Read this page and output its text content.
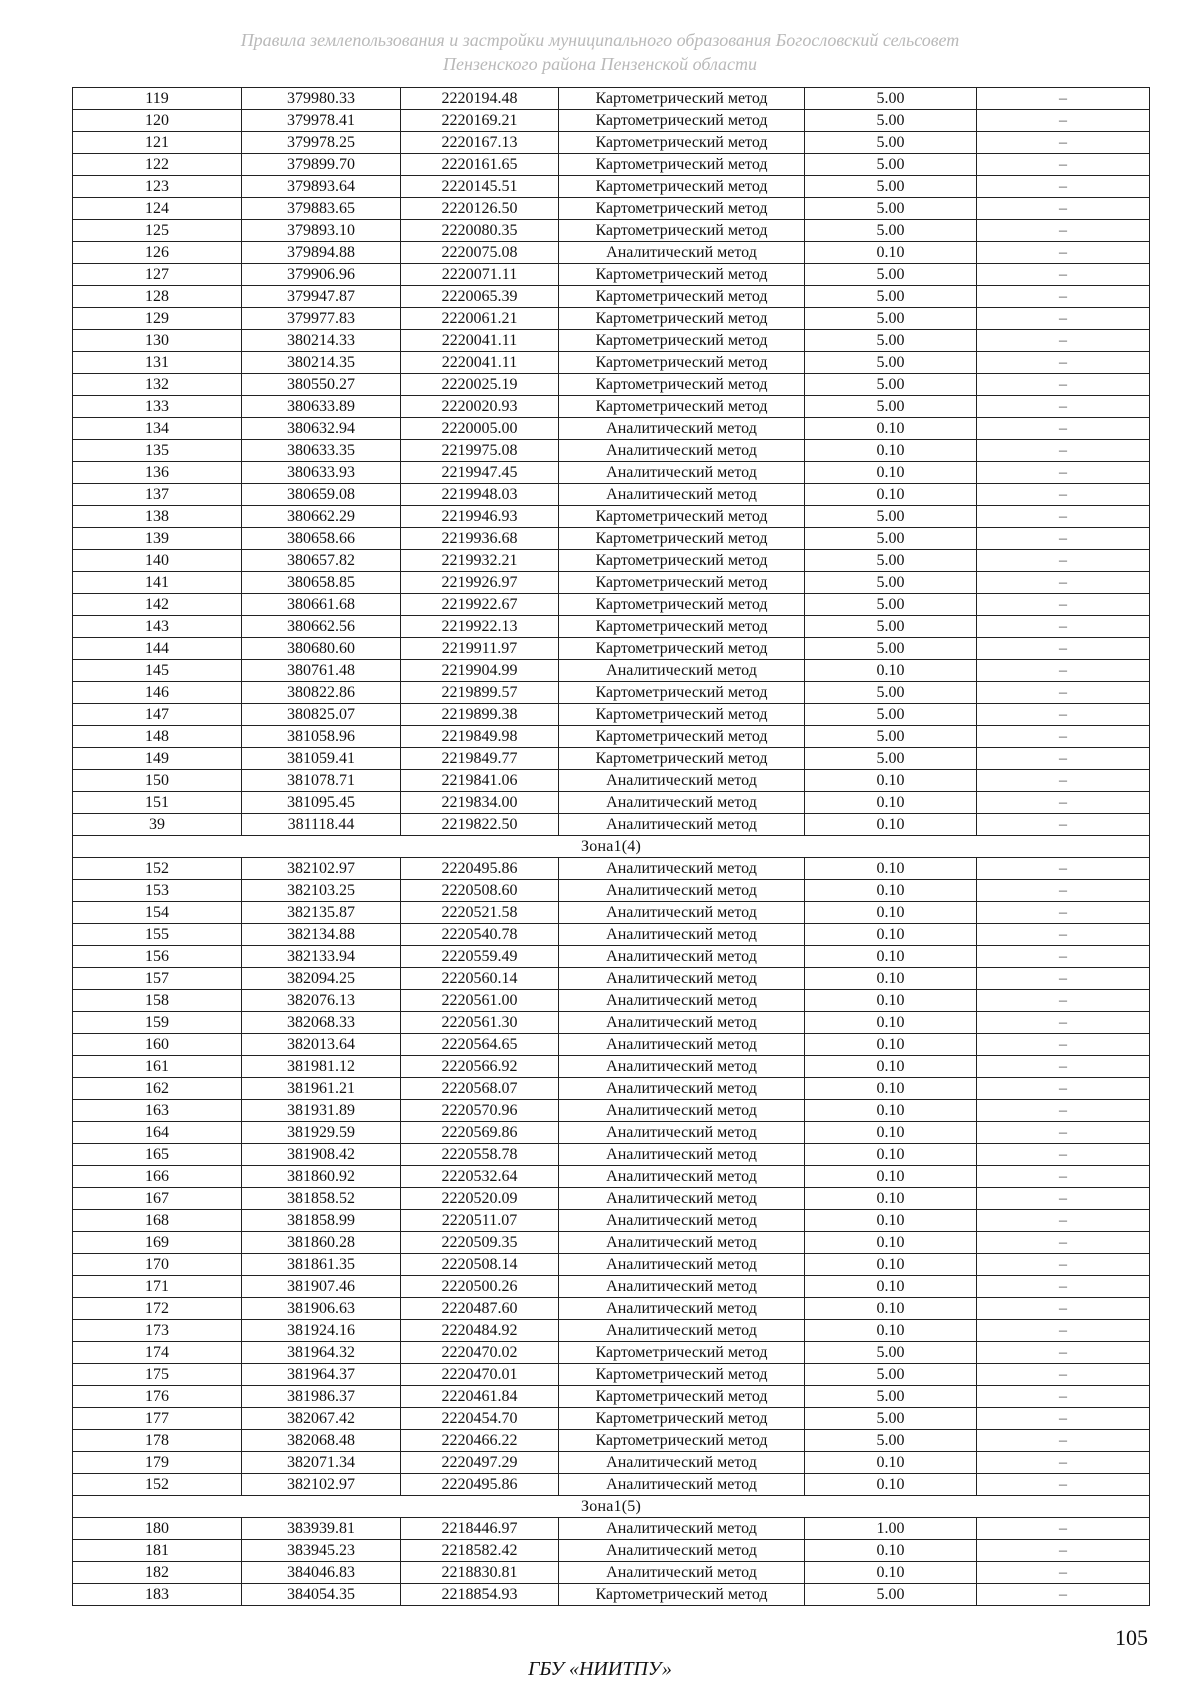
Правила землепользования и застройки муниципального образования Богословский сельсовет
Пензенского района Пензенской области
119	379980.33	2220194.48	Картометрический метод	5.00	–
120	379978.41	2220169.21	Картометрический метод	5.00	–
121	379978.25	2220167.13	Картометрический метод	5.00	–
122	379899.70	2220161.65	Картометрический метод	5.00	–
123	379893.64	2220145.51	Картометрический метод	5.00	–
124	379883.65	2220126.50	Картометрический метод	5.00	–
125	379893.10	2220080.35	Картометрический метод	5.00	–
126	379894.88	2220075.08	Аналитический метод	0.10	–
127	379906.96	2220071.11	Картометрический метод	5.00	–
128	379947.87	2220065.39	Картометрический метод	5.00	–
129	379977.83	2220061.21	Картометрический метод	5.00	–
130	380214.33	2220041.11	Картометрический метод	5.00	–
131	380214.35	2220041.11	Картометрический метод	5.00	–
132	380550.27	2220025.19	Картометрический метод	5.00	–
133	380633.89	2220020.93	Картометрический метод	5.00	–
134	380632.94	2220005.00	Аналитический метод	0.10	–
135	380633.35	2219975.08	Аналитический метод	0.10	–
136	380633.93	2219947.45	Аналитический метод	0.10	–
137	380659.08	2219948.03	Аналитический метод	0.10	–
138	380662.29	2219946.93	Картометрический метод	5.00	–
139	380658.66	2219936.68	Картометрический метод	5.00	–
140	380657.82	2219932.21	Картометрический метод	5.00	–
141	380658.85	2219926.97	Картометрический метод	5.00	–
142	380661.68	2219922.67	Картометрический метод	5.00	–
143	380662.56	2219922.13	Картометрический метод	5.00	–
144	380680.60	2219911.97	Картометрический метод	5.00	–
145	380761.48	2219904.99	Аналитический метод	0.10	–
146	380822.86	2219899.57	Картометрический метод	5.00	–
147	380825.07	2219899.38	Картометрический метод	5.00	–
148	381058.96	2219849.98	Картометрический метод	5.00	–
149	381059.41	2219849.77	Картометрический метод	5.00	–
150	381078.71	2219841.06	Аналитический метод	0.10	–
151	381095.45	2219834.00	Аналитический метод	0.10	–
39	381118.44	2219822.50	Аналитический метод	0.10	–
Зона1(4)					
152	382102.97	2220495.86	Аналитический метод	0.10	–
153	382103.25	2220508.60	Аналитический метод	0.10	–
154	382135.87	2220521.58	Аналитический метод	0.10	–
155	382134.88	2220540.78	Аналитический метод	0.10	–
156	382133.94	2220559.49	Аналитический метод	0.10	–
157	382094.25	2220560.14	Аналитический метод	0.10	–
158	382076.13	2220561.00	Аналитический метод	0.10	–
159	382068.33	2220561.30	Аналитический метод	0.10	–
160	382013.64	2220564.65	Аналитический метод	0.10	–
161	381981.12	2220566.92	Аналитический метод	0.10	–
162	381961.21	2220568.07	Аналитический метод	0.10	–
163	381931.89	2220570.96	Аналитический метод	0.10	–
164	381929.59	2220569.86	Аналитический метод	0.10	–
165	381908.42	2220558.78	Аналитический метод	0.10	–
166	381860.92	2220532.64	Аналитический метод	0.10	–
167	381858.52	2220520.09	Аналитический метод	0.10	–
168	381858.99	2220511.07	Аналитический метод	0.10	–
169	381860.28	2220509.35	Аналитический метод	0.10	–
170	381861.35	2220508.14	Аналитический метод	0.10	–
171	381907.46	2220500.26	Аналитический метод	0.10	–
172	381906.63	2220487.60	Аналитический метод	0.10	–
173	381924.16	2220484.92	Аналитический метод	0.10	–
174	381964.32	2220470.02	Картометрический метод	5.00	–
175	381964.37	2220470.01	Картометрический метод	5.00	–
176	381986.37	2220461.84	Картометрический метод	5.00	–
177	382067.42	2220454.70	Картометрический метод	5.00	–
178	382068.48	2220466.22	Картометрический метод	5.00	–
179	382071.34	2220497.29	Аналитический метод	0.10	–
152	382102.97	2220495.86	Аналитический метод	0.10	–
Зона1(5)					
180	383939.81	2218446.97	Аналитический метод	1.00	–
181	383945.23	2218582.42	Аналитический метод	0.10	–
182	384046.83	2218830.81	Аналитический метод	0.10	–
183	384054.35	2218854.93	Картометрический метод	5.00	–
105
ГБУ «НИИТПУ»
